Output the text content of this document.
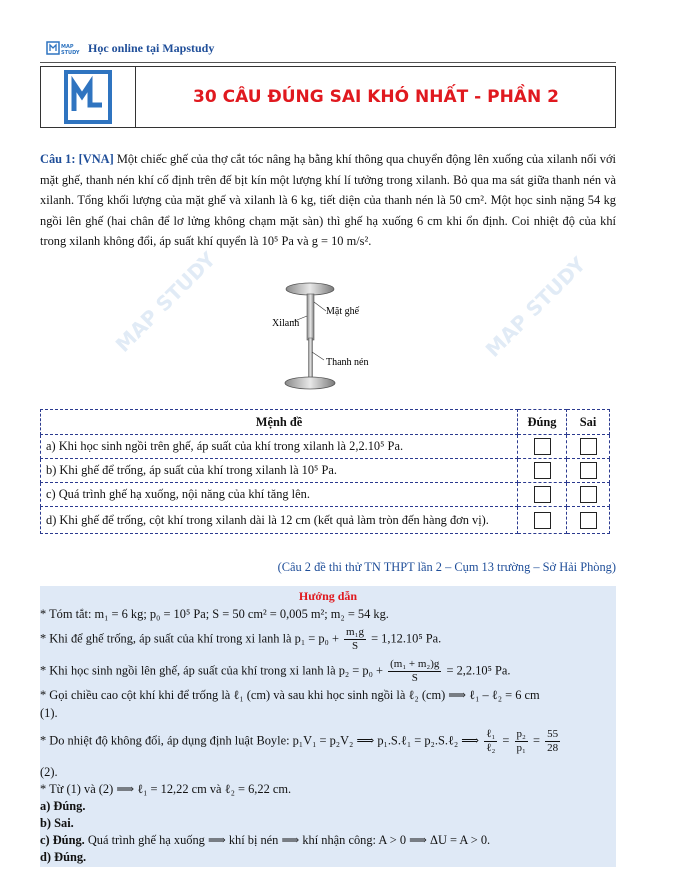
MAP
STUDY Học online tại Mapstudy
30 CÂU ĐÚNG SAI KHÓ NHẤT - PHẦN 2
Câu 1: [VNA] Một chiếc ghế của thợ cắt tóc nâng hạ bằng khí thông qua chuyển động lên xuống của xilanh nối với mặt ghế, thanh nén khí cố định trên đế bịt kín một lượng khí lí tưởng trong xilanh. Bỏ qua ma sát giữa thanh nén và xilanh. Tổng khối lượng của mặt ghế và xilanh là 6 kg, tiết diện của thanh nén là 50 cm². Một học sinh nặng 54 kg ngồi lên ghế (hai chân để lơ lửng không chạm mặt sàn) thì ghế hạ xuống 6 cm khi ổn định. Coi nhiệt độ của khí trong xilanh không đổi, áp suất khí quyển là 10⁵ Pa và g = 10 m/s².
Mặt ghế
Xilanh
Thanh nén
MAP STUDY	MAP STUDY
Mệnh đề	Đúng	Sai
a) Khi học sinh ngồi trên ghế, áp suất của khí trong xilanh là 2,2.10⁵ Pa.	

b) Khi ghế để trống, áp suất của khí trong xilanh là 10⁵ Pa.	

c) Quá trình ghế hạ xuống, nội năng của khí tăng lên.	

d) Khi ghế để trống, cột khí trong xilanh dài là 12 cm (kết quả làm tròn đến hàng đơn vị).	

(Câu 2 đề thi thử TN THPT lần 2 – Cụm 13 trường – Sở Hải Phòng)
Hướng dẫn
* Tóm tắt: m₁ = 6 kg; p₀ = 10⁵ Pa; S = 50 cm² = 0,005 m²; m₂ = 54 kg.
* Khi để ghế trống, áp suất của khí trong xi lanh là $p_1 = p_0 + \frac{\text{m₁g}}{S} = 1,12.10^5$ Pa.
* Khi học sinh ngồi lên ghế, áp suất của khí trong xi lanh là $p_2 = p_0 + \frac{\text{(m₁ + m₂)g}}{S} = 2,2.10^5$ Pa.
* Gọi chiều cao cột khí khi để trống là ℓ₁ (cm) và sau khi học sinh ngồi là ℓ₂ (cm) ⟹ ℓ₁ – ℓ₂ = 6 cm
(1).
* Do nhiệt độ không đổi, áp dụng định luật Boyle: p₁V₁ = p₂V₂ ⟹ p₁.S.ℓ₁ = p₂.S.ℓ₂ ⟹ $\frac{\text{ℓ₁}}{\text{ℓ₂}} = \frac{\text{p₂}}{\text{p₁}} = \frac{55}{28}$
(2).
* Từ (1) và (2) ⟹ ℓ₁ = 12,22 cm và ℓ₂ = 6,22 cm.
a) Đúng.
b) Sai.
c) Đúng. Quá trình ghế hạ xuống ⟹ khí bị nén ⟹ khí nhận công: A > 0 ⟹ ΔU = A > 0.
d) Đúng.
